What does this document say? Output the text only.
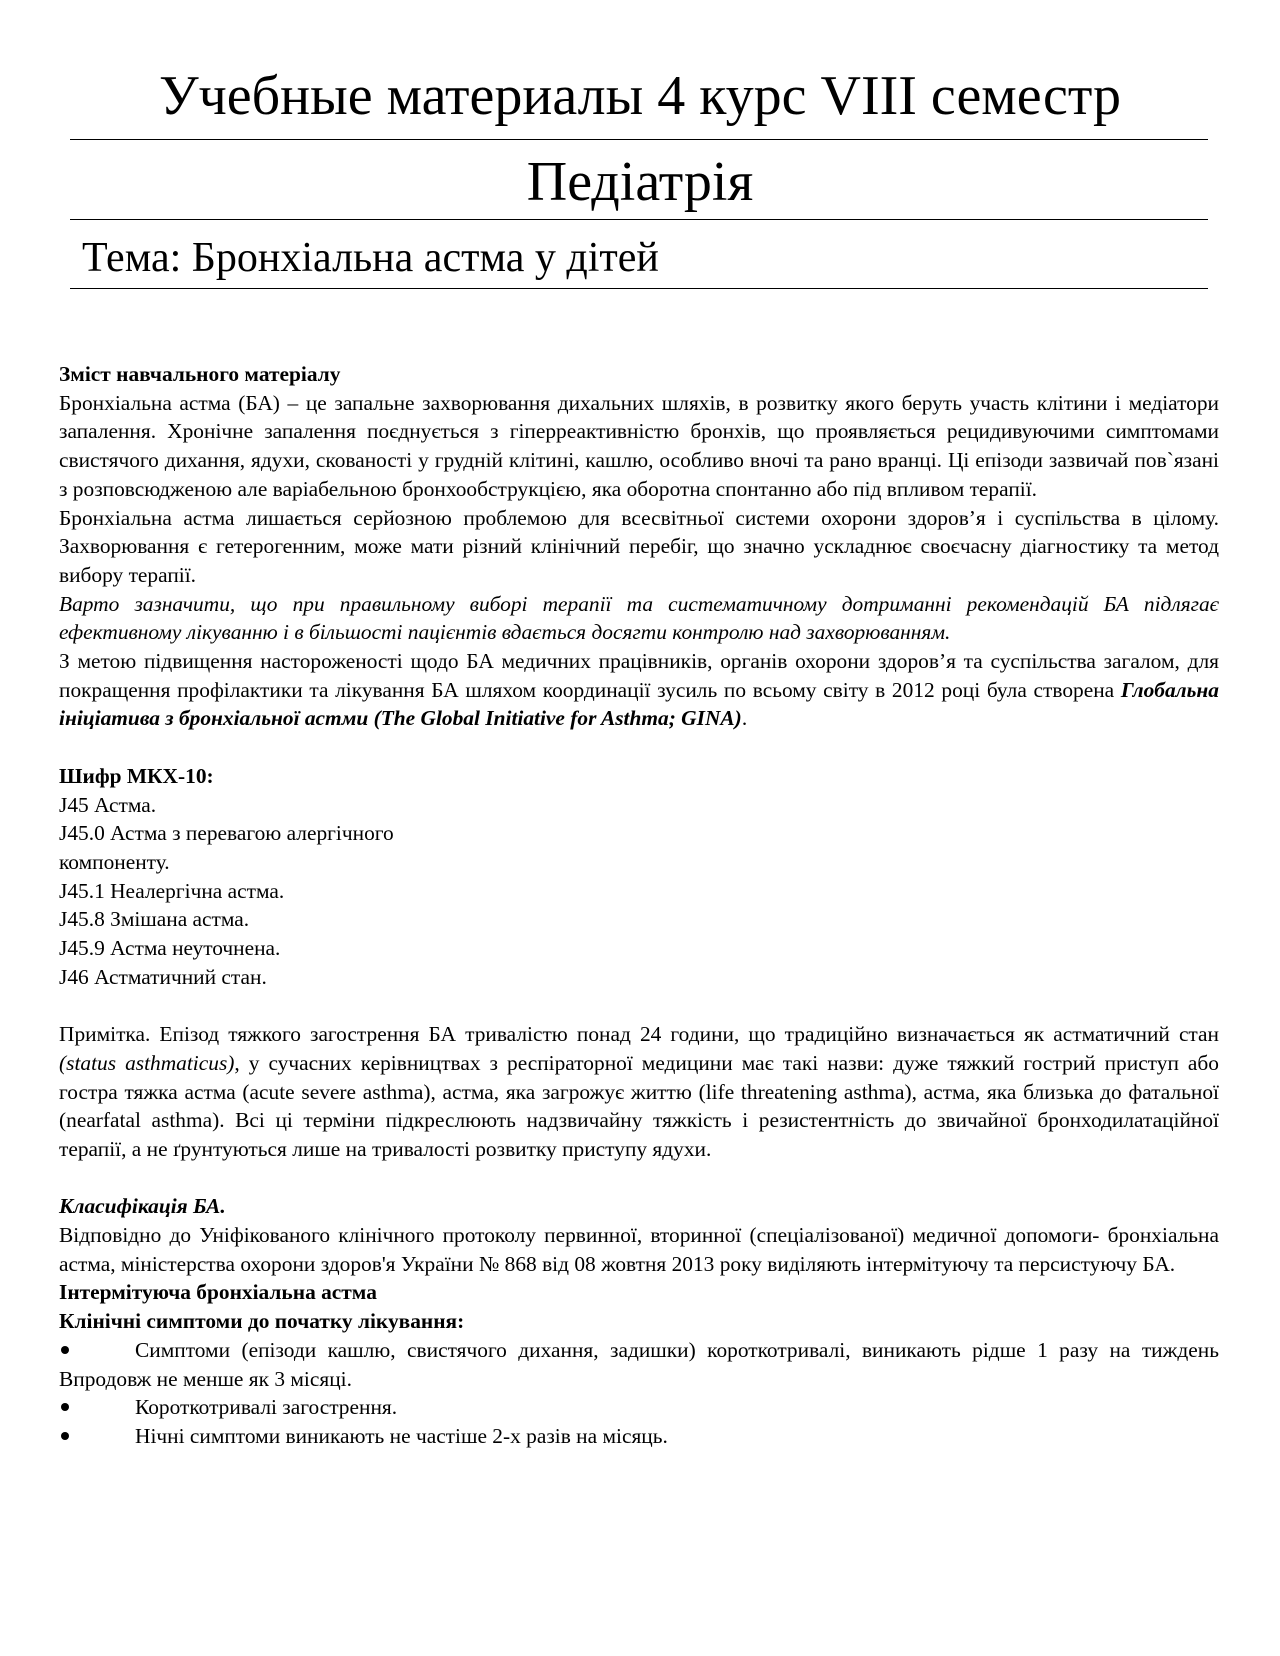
Учебные материалы 4 курс VIII семестр
Педіатрія
Тема: Бронхіальна астма у дітей

Зміст навчального матеріалу

Бронхіальна астма (БА) – це запальне захворювання дихальних шляхів, в розвитку якого беруть участь клітини і медіатори запалення. Хронічне запалення поєднується з гіперреактивністю бронхів, що проявляється рецидивуючими симптомами свистячого дихання, ядухи, скованості у грудній клітині, кашлю, особливо вночі та рано вранці. Ці епізоди зазвичай пов`язані з розповсюдженою але варіабельною бронхообструкцією, яка оборотна спонтанно або під впливом терапії.

Бронхіальна астма лишається серйозною проблемою для всесвітньої системи охорони здоров’я і суспільства в цілому. Захворювання є гетерогенним, може мати різний клінічний перебіг, що значно ускладнює своєчасну діагностику та метод вибору терапії.

Варто зазначити, що при правильному виборі терапії та систематичному дотриманні рекомендацій БА підлягає ефективному лікуванню і в більшості пацієнтів вдається досягти контролю над захворюванням.

З метою підвищення настороженості щодо БА медичних працівників, органів охорони здоров’я та суспільства загалом, для покращення профілактики та лікування БА шляхом координації зусиль по всьому світу в 2012 році була створена Глобальна ініціатива з бронхіальної астми (The Global Initiative for Asthma; GINA).

Шифр МКХ-10:

J45 Астма.

J45.0 Астма з перевагою алергічного компоненту.

J45.1 Неалергічна астма.

J45.8 Змішана астма.

J45.9 Астма неуточнена.

J46 Астматичний стан.

Примітка. Епізод тяжкого загострення БА тривалістю понад 24 години, що традиційно визначається як астматичний стан (status asthmaticus), у сучасних керівництвах з респіраторної медицини має такі назви: дуже тяжкий гострий приступ або гостра тяжка астма (acute severe asthma), астма, яка загрожує життю (life threatening asthma), астма, яка близька до фатальної (nearfatal asthma). Всі ці терміни підкреслюють надзвичайну тяжкість і резистентність до звичайної бронходилатаційної терапії, а не ґрунтуються лише на тривалості розвитку приступу ядухи.

Класифікація БА.

Відповідно до Уніфікованого клінічного протоколу первинної, вторинної (спеціалізованої) медичної допомоги- бронхіальна астма, міністерства охорони здоров'я України № 868 від 08 жовтня 2013 року виділяють інтермітуючу та персистуючу БА.

Інтермітуюча бронхіальна астма

Клінічні симптоми до початку лікування:

Симптоми (епізоди кашлю, свистячого дихання, задишки) короткотривалі, виникають рідше 1 разу на тиждень Впродовж не менше як 3 місяці.

Короткотривалі загострення.

Нічні симптоми виникають не частіше 2-х разів на місяць.
